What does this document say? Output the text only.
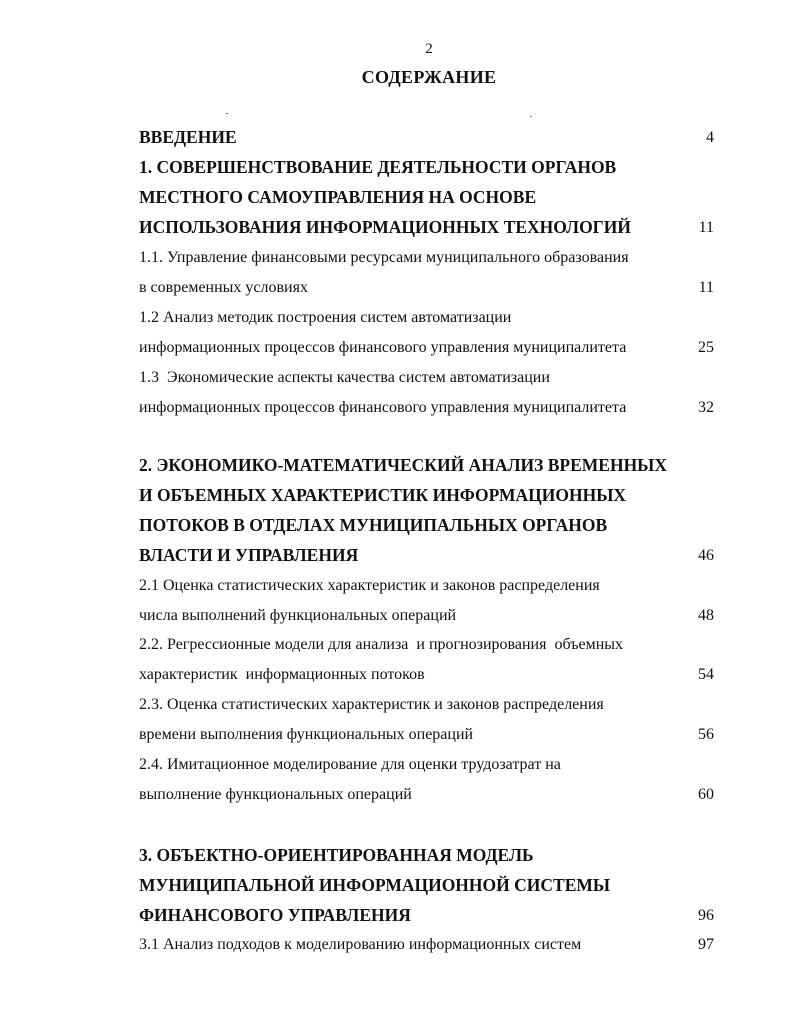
2
СОДЕРЖАНИЕ
ВВЕДЕНИЕ	4
1. СОВЕРШЕНСТВОВАНИЕ ДЕЯТЕЛЬНОСТИ ОРГАНОВ
МЕСТНОГО САМОУПРАВЛЕНИЯ НА ОСНОВЕ
ИСПОЛЬЗОВАНИЯ ИНФОРМАЦИОННЫХ ТЕХНОЛОГИЙ	11
1.1. Управление финансовыми ресурсами муниципального образования
в современных условиях	11
1.2 Анализ методик построения систем автоматизации
информационных процессов финансового управления муниципалитета	25
1.3  Экономические аспекты качества систем автоматизации
информационных процессов финансового управления муниципалитета	32
2. ЭКОНОМИКО-МАТЕМАТИЧЕСКИЙ АНАЛИЗ ВРЕМЕННЫХ
И ОБЪЕМНЫХ ХАРАКТЕРИСТИК ИНФОРМАЦИОННЫХ
ПОТОКОВ В ОТДЕЛАХ МУНИЦИПАЛЬНЫХ ОРГАНОВ
ВЛАСТИ И УПРАВЛЕНИЯ	46
2.1 Оценка статистических характеристик и законов распределения
числа выполнений функциональных операций	48
2.2. Регрессионные модели для анализа  и прогнозирования  объемных
характеристик  информационных потоков	54
2.3. Оценка статистических характеристик и законов распределения
времени выполнения функциональных операций	56
2.4. Имитационное моделирование для оценки трудозатрат на
выполнение функциональных операций	60
3. ОБЪЕКТНО-ОРИЕНТИРОВАННАЯ МОДЕЛЬ
МУНИЦИПАЛЬНОЙ ИНФОРМАЦИОННОЙ СИСТЕМЫ
ФИНАНСОВОГО УПРАВЛЕНИЯ	96
3.1 Анализ подходов к моделированию информационных систем	97
